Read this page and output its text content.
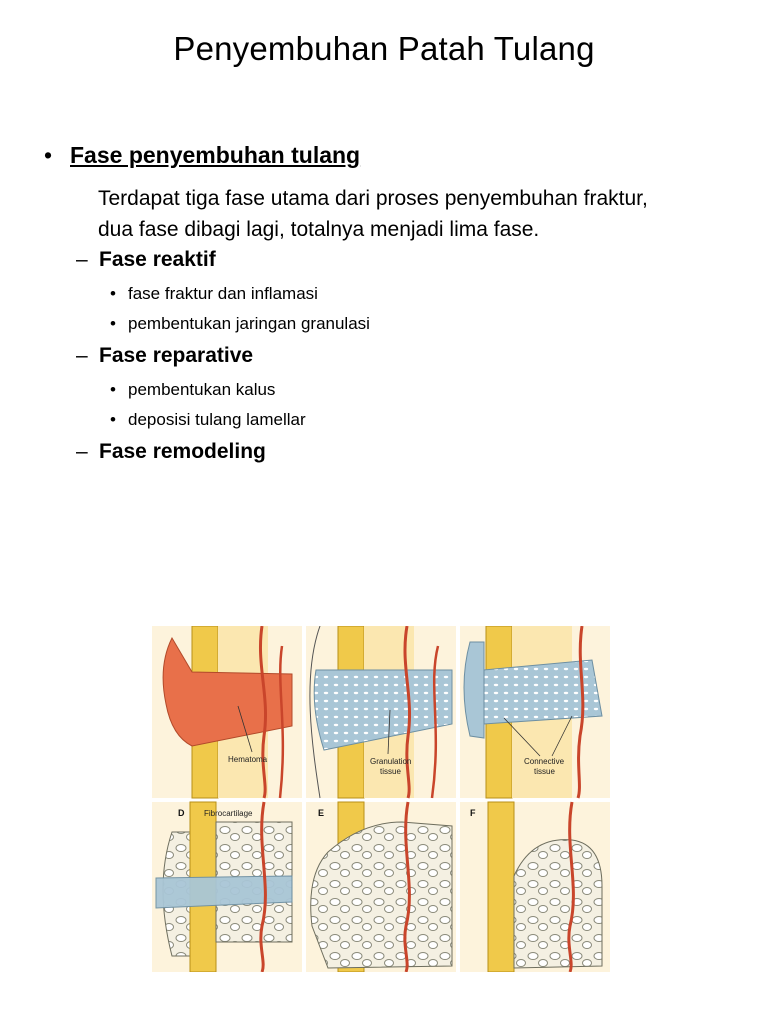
Penyembuhan Patah Tulang
• Fase penyembuhan tulang
Terdapat tiga fase utama dari proses penyembuhan fraktur,
dua fase dibagi lagi, totalnya menjadi lima fase.
– Fase reaktif
• fase fraktur dan inflamasi
• pembentukan jaringan granulasi
– Fase reparative
• pembentukan kalus
• deposisi tulang lamellar
– Fase remodeling
Hematoma	Granulation
tissue
Connective
tissue
D Fibrocartilage	E	F
